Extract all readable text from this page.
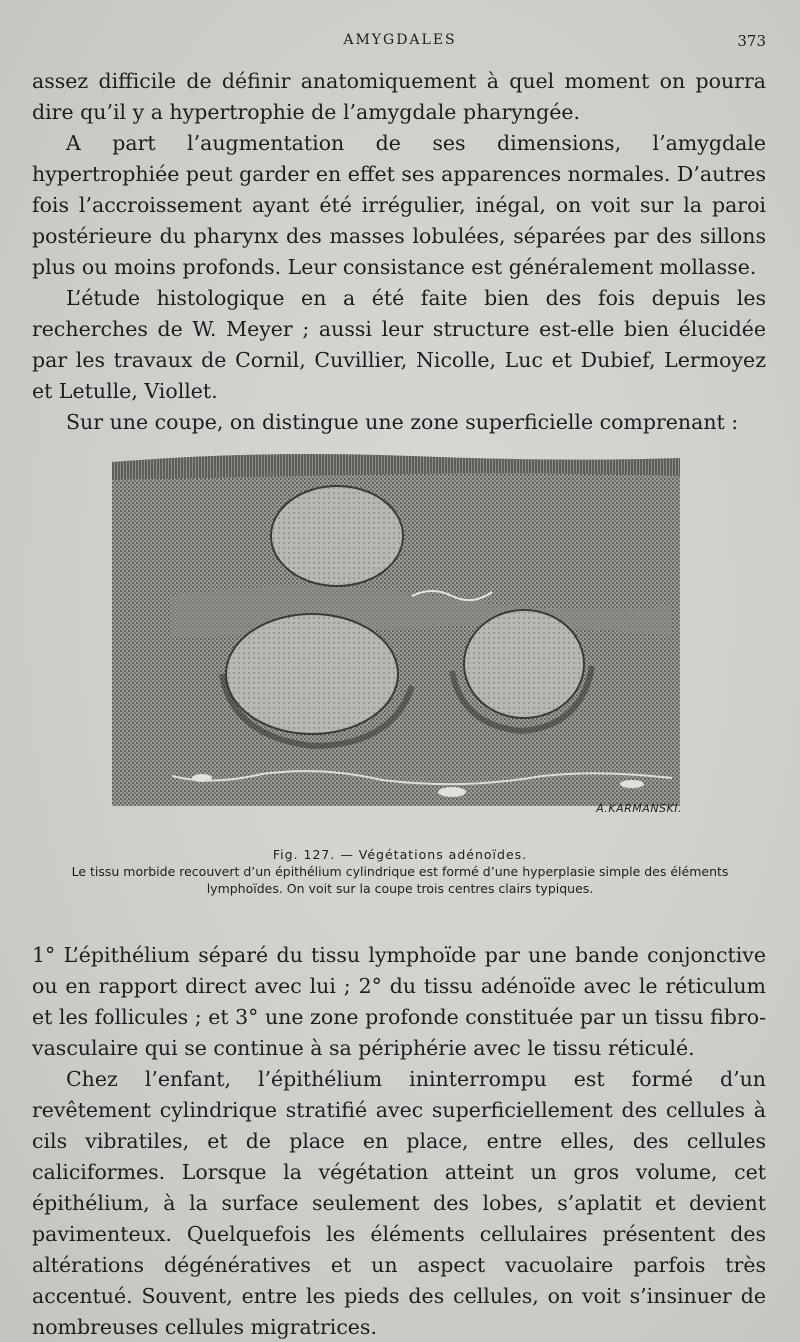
AMYGDALES	373

assez difficile de définir anatomiquement à quel moment on pourra dire qu’il y a hypertrophie de l’amygdale pharyngée.

A part l’augmentation de ses dimensions, l’amygdale hypertrophiée peut garder en effet ses apparences normales. D’autres fois l’accroissement ayant été irrégulier, inégal, on voit sur la paroi postérieure du pharynx des masses lobulées, séparées par des sillons plus ou moins profonds. Leur consistance est généralement mollasse.

L’étude histologique en a été faite bien des fois depuis les recherches de W. Meyer ; aussi leur structure est-elle bien élucidée par les travaux de Cornil, Cuvillier, Nicolle, Luc et Dubief, Lermoyez et Letulle, Viollet.

Sur une coupe, on distingue une zone superficielle comprenant :

A.KARMANSKI.
Fig. 127. — Végétations adénoïdes.
Le tissu morbide recouvert d’un épithélium cylindrique est formé d’une hyperplasie simple des éléments lymphoïdes. On voit sur la coupe trois centres clairs typiques.

1° L’épithélium séparé du tissu lymphoïde par une bande conjonctive ou en rapport direct avec lui ; 2° du tissu adénoïde avec le réticulum et les follicules ; et 3° une zone profonde constituée par un tissu fibro-vasculaire qui se continue à sa périphérie avec le tissu réticulé.

Chez l’enfant, l’épithélium ininterrompu est formé d’un revêtement cylindrique stratifié avec superficiellement des cellules à cils vibratiles, et de place en place, entre elles, des cellules caliciformes. Lorsque la végétation atteint un gros volume, cet épithélium, à la surface seulement des lobes, s’aplatit et devient pavimenteux. Quelquefois les éléments cellulaires présentent des altérations dégénératives et un aspect vacuolaire parfois très accentué. Souvent, entre les pieds des cellules, on voit s’insinuer de nombreuses cellules migratrices.
